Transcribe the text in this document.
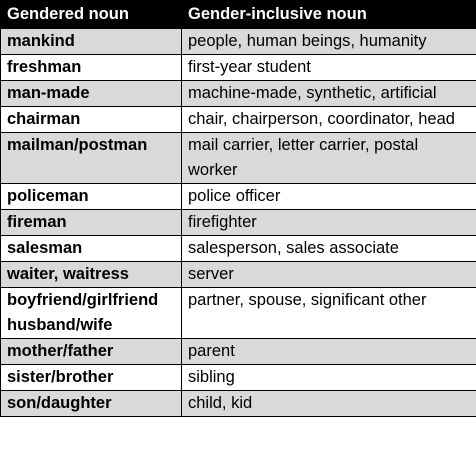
Gendered noun	Gender-inclusive noun
mankind	people, human beings, humanity
freshman	first-year student
man-made	machine-made, synthetic, artificial
chairman	chair, chairperson, coordinator, head
mailman/postman	mail carrier, letter carrier, postal worker
policeman	police officer
fireman	firefighter
salesman	salesperson, sales associate
waiter, waitress	server
boyfriend/girlfriend husband/wife	partner, spouse, significant other
mother/father	parent
sister/brother	sibling
son/daughter	child, kid
